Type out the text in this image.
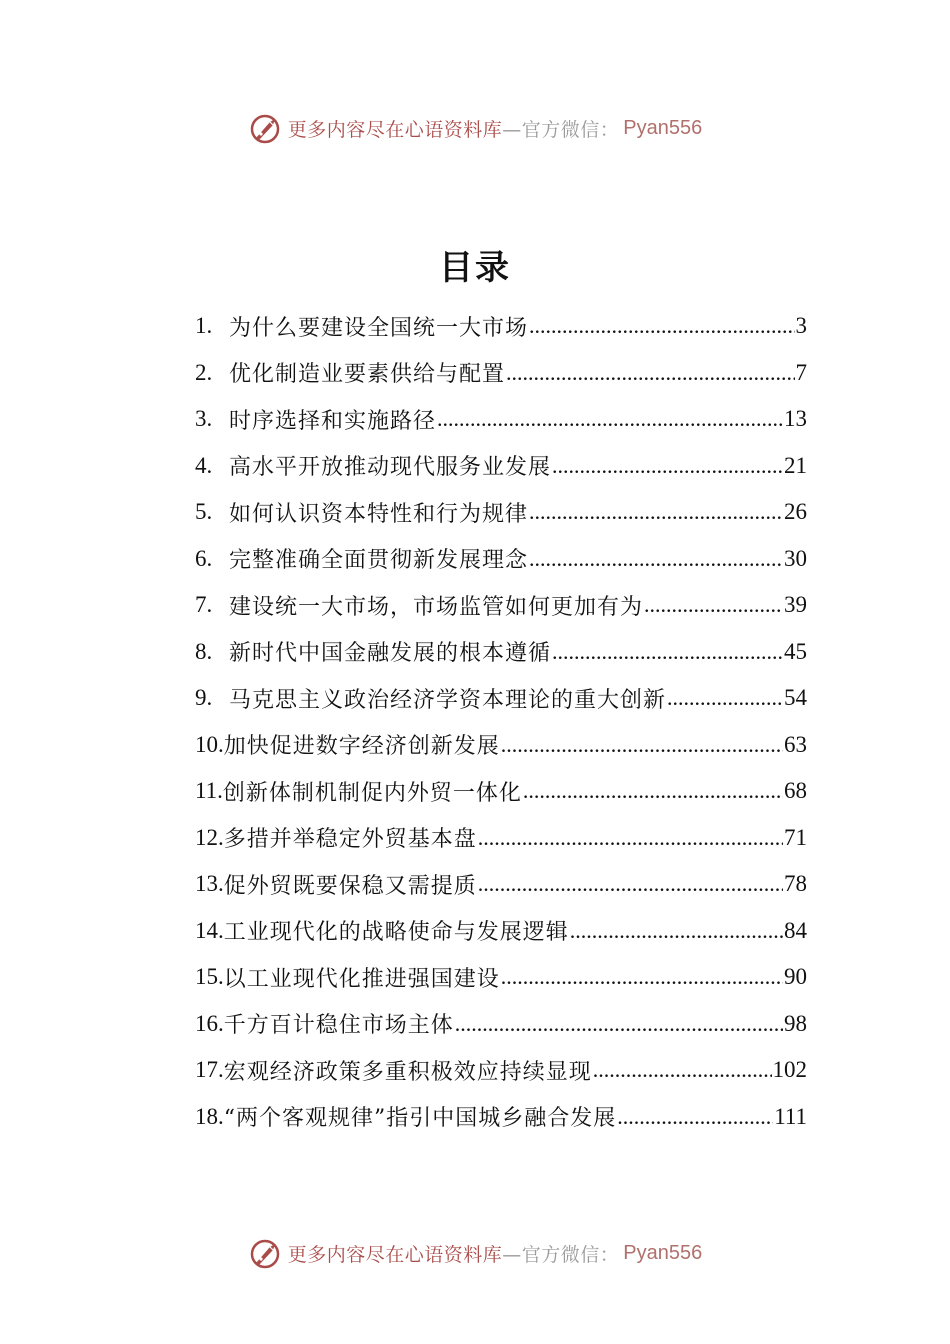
更多内容尽在心语资料库 —官方微信： Pyan556
目录
1. 为什么要建设全国统一大市场 .....	3
2. 优化制造业要素供给与配置 .....	7
3. 时序选择和实施路径 .....	13
4. 高水平开放推动现代服务业发展 .....	21
5. 如何认识资本特性和行为规律 .....	26
6. 完整准确全面贯彻新发展理念 .....	30
7. 建设统一大市场，市场监管如何更加有为 .....	39
8. 新时代中国金融发展的根本遵循 .....	45
9. 马克思主义政治经济学资本理论的重大创新 .....	54
10. 加快促进数字经济创新发展 .....	63
11. 创新体制机制促内外贸一体化 .....	68
12. 多措并举稳定外贸基本盘 .....	71
13. 促外贸既要保稳又需提质 .....	78
14. 工业现代化的战略使命与发展逻辑 .....	84
15. 以工业现代化推进强国建设 .....	90
16. 千方百计稳住市场主体 .....	98
17. 宏观经济政策多重积极效应持续显现 .....	102
18. “两个客观规律”指引中国城乡融合发展 .....	111
更多内容尽在心语资料库 —官方微信： Pyan556
